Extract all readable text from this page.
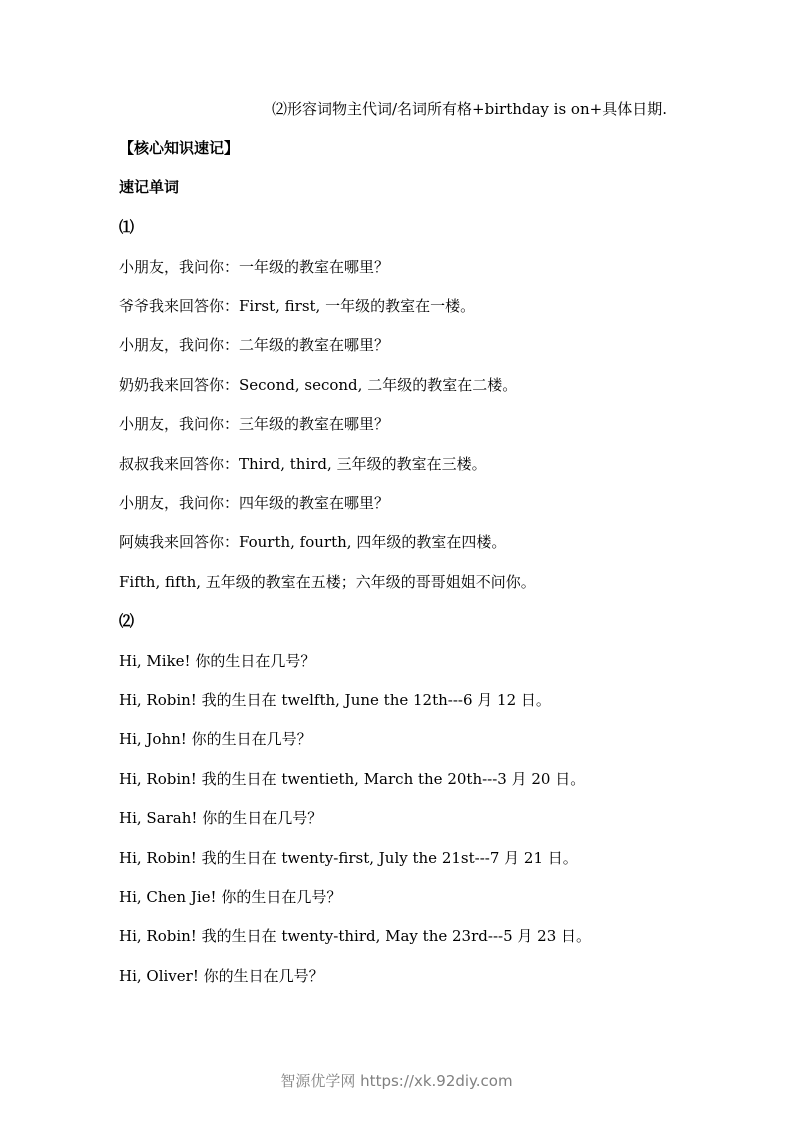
⑵形容词物主代词/名词所有格+birthday is on+具体日期.
【核心知识速记】
速记单词
⑴
小朋友，我问你：一年级的教室在哪里？
爷爷我来回答你：First, first, 一年级的教室在一楼。
小朋友，我问你：二年级的教室在哪里？
奶奶我来回答你：Second, second, 二年级的教室在二楼。
小朋友，我问你：三年级的教室在哪里？
叔叔我来回答你：Third, third, 三年级的教室在三楼。
小朋友，我问你：四年级的教室在哪里？
阿姨我来回答你：Fourth, fourth, 四年级的教室在四楼。
Fifth, fifth, 五年级的教室在五楼；六年级的哥哥姐姐不问你。
⑵
Hi, Mike! 你的生日在几号？
Hi, Robin! 我的生日在 twelfth, June the 12th---6 月 12 日。
Hi, John! 你的生日在几号？
Hi, Robin! 我的生日在 twentieth, March the 20th---3 月 20 日。
Hi, Sarah! 你的生日在几号？
Hi, Robin! 我的生日在 twenty-first, July the 21st---7 月 21 日。
Hi, Chen Jie! 你的生日在几号？
Hi, Robin! 我的生日在 twenty-third, May the 23rd---5 月 23 日。
Hi, Oliver! 你的生日在几号？
智源优学网 https://xk.92diy.com
